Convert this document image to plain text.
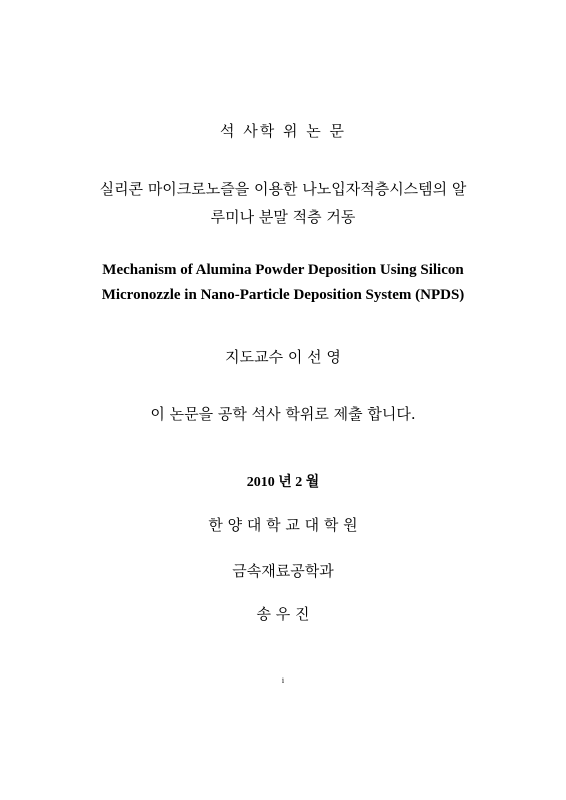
석 사학 위 논 문
실리콘 마이크로노즐을 이용한 나노입자적층시스템의 알
루미나 분말 적층 거동
Mechanism of Alumina Powder Deposition Using Silicon
Micronozzle in Nano-Particle Deposition System (NPDS)
지도교수 이 선 영
이 논문을 공학 석사 학위로 제출 합니다.
2010 년 2 월
한 양 대 학 교 대 학 원
금속재료공학과
송 우 진
i
